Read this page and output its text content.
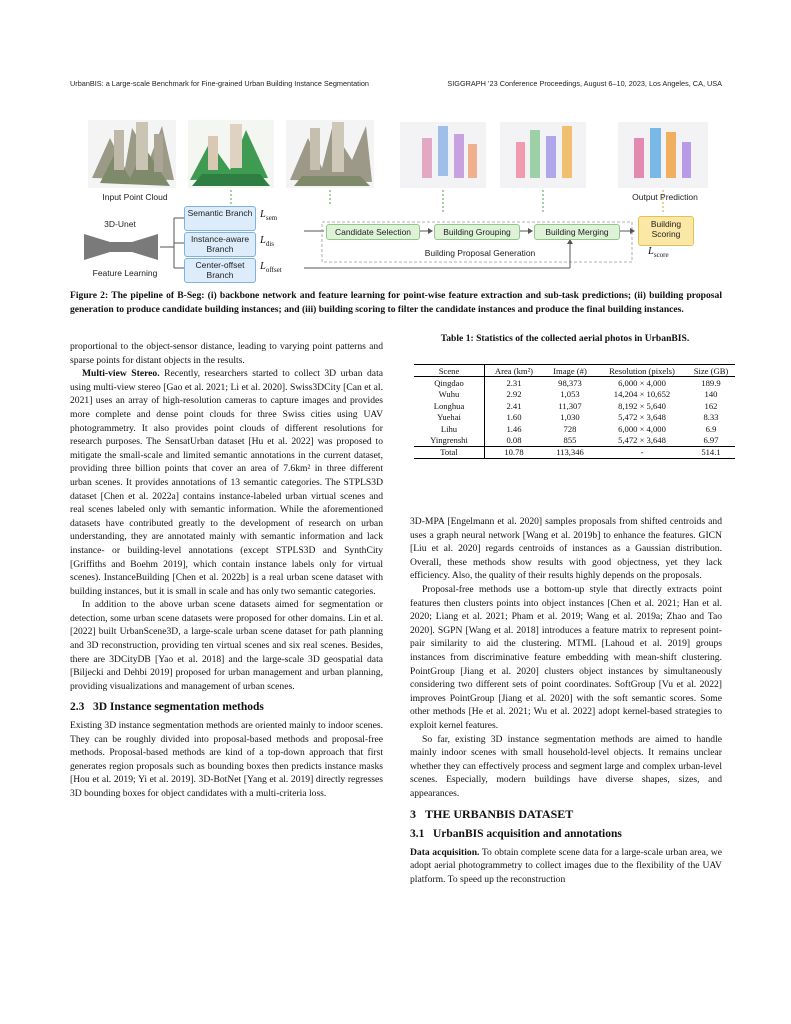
UrbanBIS: a Large-scale Benchmark for Fine-grained Urban Building Instance Segmentation	SIGGRAPH ’23 Conference Proceedings, August 6–10, 2023, Los Angeles, CA, USA
Input Point Cloud	Output Prediction
3D-Unet
Feature Learning
Semantic Branch
Instance-aware Branch
Center-offset Branch
$L_{sem}$
$L_{dis}$
$L_{offset}$
Candidate Selection	Building Grouping	Building Merging
Building Proposal Generation
Building Scoring
$L_{score}$
Figure 2: The pipeline of B-Seg: (i) backbone network and feature learning for point-wise feature extraction and sub-task predictions; (ii) building proposal generation to produce candidate building instances; and (iii) building scoring to filter the candidate instances and produce the final building instances.

proportional to the object-sensor distance, leading to varying point patterns and sparse points for distant objects in the results.

Multi-view Stereo. Recently, researchers started to collect 3D urban data using multi-view stereo [Gao et al. 2021; Li et al. 2020]. Swiss3DCity [Can et al. 2021] uses an array of high-resolution cameras to capture images and provides more complete and dense point clouds for three Swiss cities using UAV photogrammetry. It also provides point clouds of different resolutions for research purposes. The SensatUrban dataset [Hu et al. 2022] was proposed to mitigate the small-scale and limited semantic annotations in the current dataset, providing three billion points that cover an area of 7.6km² in three different urban scenes. It provides annotations of 13 semantic categories. The STPLS3D dataset [Chen et al. 2022a] contains instance-labeled urban virtual scenes and real scenes labeled only with semantic information. While the aforementioned datasets have contributed greatly to the development of research on urban understanding, they are annotated mainly with semantic information and lack instance- or building-level annotations (except STPLS3D and SynthCity [Griffiths and Boehm 2019], which contain instance labels only for virtual scenes). InstanceBuilding [Chen et al. 2022b] is a real urban scene dataset with building instances, but it is small in scale and has only two semantic categories.

In addition to the above urban scene datasets aimed for segmentation or detection, some urban scene datasets were proposed for other domains. Lin et al. [2022] built UrbanScene3D, a large-scale urban scene dataset for path planning and 3D reconstruction, providing ten virtual scenes and six real scenes. Besides, there are 3DCityDB [Yao et al. 2018] and the large-scale 3D geospatial data [Biljecki and Dehbi 2019] proposed for urban management and urban planning, providing visualizations and management of urban scenes.

2.3 3D Instance segmentation methods

Existing 3D instance segmentation methods are oriented mainly to indoor scenes. They can be roughly divided into proposal-based methods and proposal-free methods. Proposal-based methods are kind of a top-down approach that first generates region proposals such as bounding boxes then predicts instance masks [Hou et al. 2019; Yi et al. 2019]. 3D-BotNet [Yang et al. 2019] directly regresses 3D bounding boxes for object candidates with a multi-criteria loss.

Table 1: Statistics of the collected aerial photos in UrbanBIS.
Scene	Area (km²)	Image (#)	Resolution (pixels)	Size (GB)
Qingdao	2.31	98,373	6,000 × 4,000	189.9
Wuhu	2.92	1,053	14,204 × 10,652	140
Longhua	2.41	11,307	8,192 × 5,640	162
Yuehai	1.60	1,030	5,472 × 3,648	8.33
Lihu	1.46	728	6,000 × 4,000	6.9
Yingrenshi	0.08	855	5,472 × 3,648	6.97
Total	10.78	113,346	-	514.1

3D-MPA [Engelmann et al. 2020] samples proposals from shifted centroids and uses a graph neural network [Wang et al. 2019b] to enhance the features. GICN [Liu et al. 2020] regards centroids of instances as a Gaussian distribution. Overall, these methods show results with good objectness, yet they lack efficiency. Also, the quality of their results highly depends on the proposals.

Proposal-free methods use a bottom-up style that directly extracts point features then clusters points into object instances [Chen et al. 2021; Han et al. 2020; Liang et al. 2021; Pham et al. 2019; Wang et al. 2019a; Zhao and Tao 2020]. SGPN [Wang et al. 2018] introduces a feature matrix to represent point-pair similarity to aid the clustering. MTML [Lahoud et al. 2019] groups instances from discriminative feature embedding with mean-shift clustering. PointGroup [Jiang et al. 2020] clusters object instances by simultaneously considering two different sets of point coordinates. SoftGroup [Vu et al. 2022] improves PointGroup [Jiang et al. 2020] with the soft semantic scores. Some other methods [He et al. 2021; Wu et al. 2022] adopt kernel-based strategies to exploit kernel features.

So far, existing 3D instance segmentation methods are aimed to handle mainly indoor scenes with small household-level objects. It remains unclear whether they can effectively process and segment large and complex urban-level scenes. Especially, modern buildings have diverse shapes, sizes, and appearances.

3 THE URBANBIS DATASET
3.1 UrbanBIS acquisition and annotations

Data acquisition. To obtain complete scene data for a large-scale urban area, we adopt aerial photogrammetry to collect images due to the flexibility of the UAV platform. To speed up the reconstruction
